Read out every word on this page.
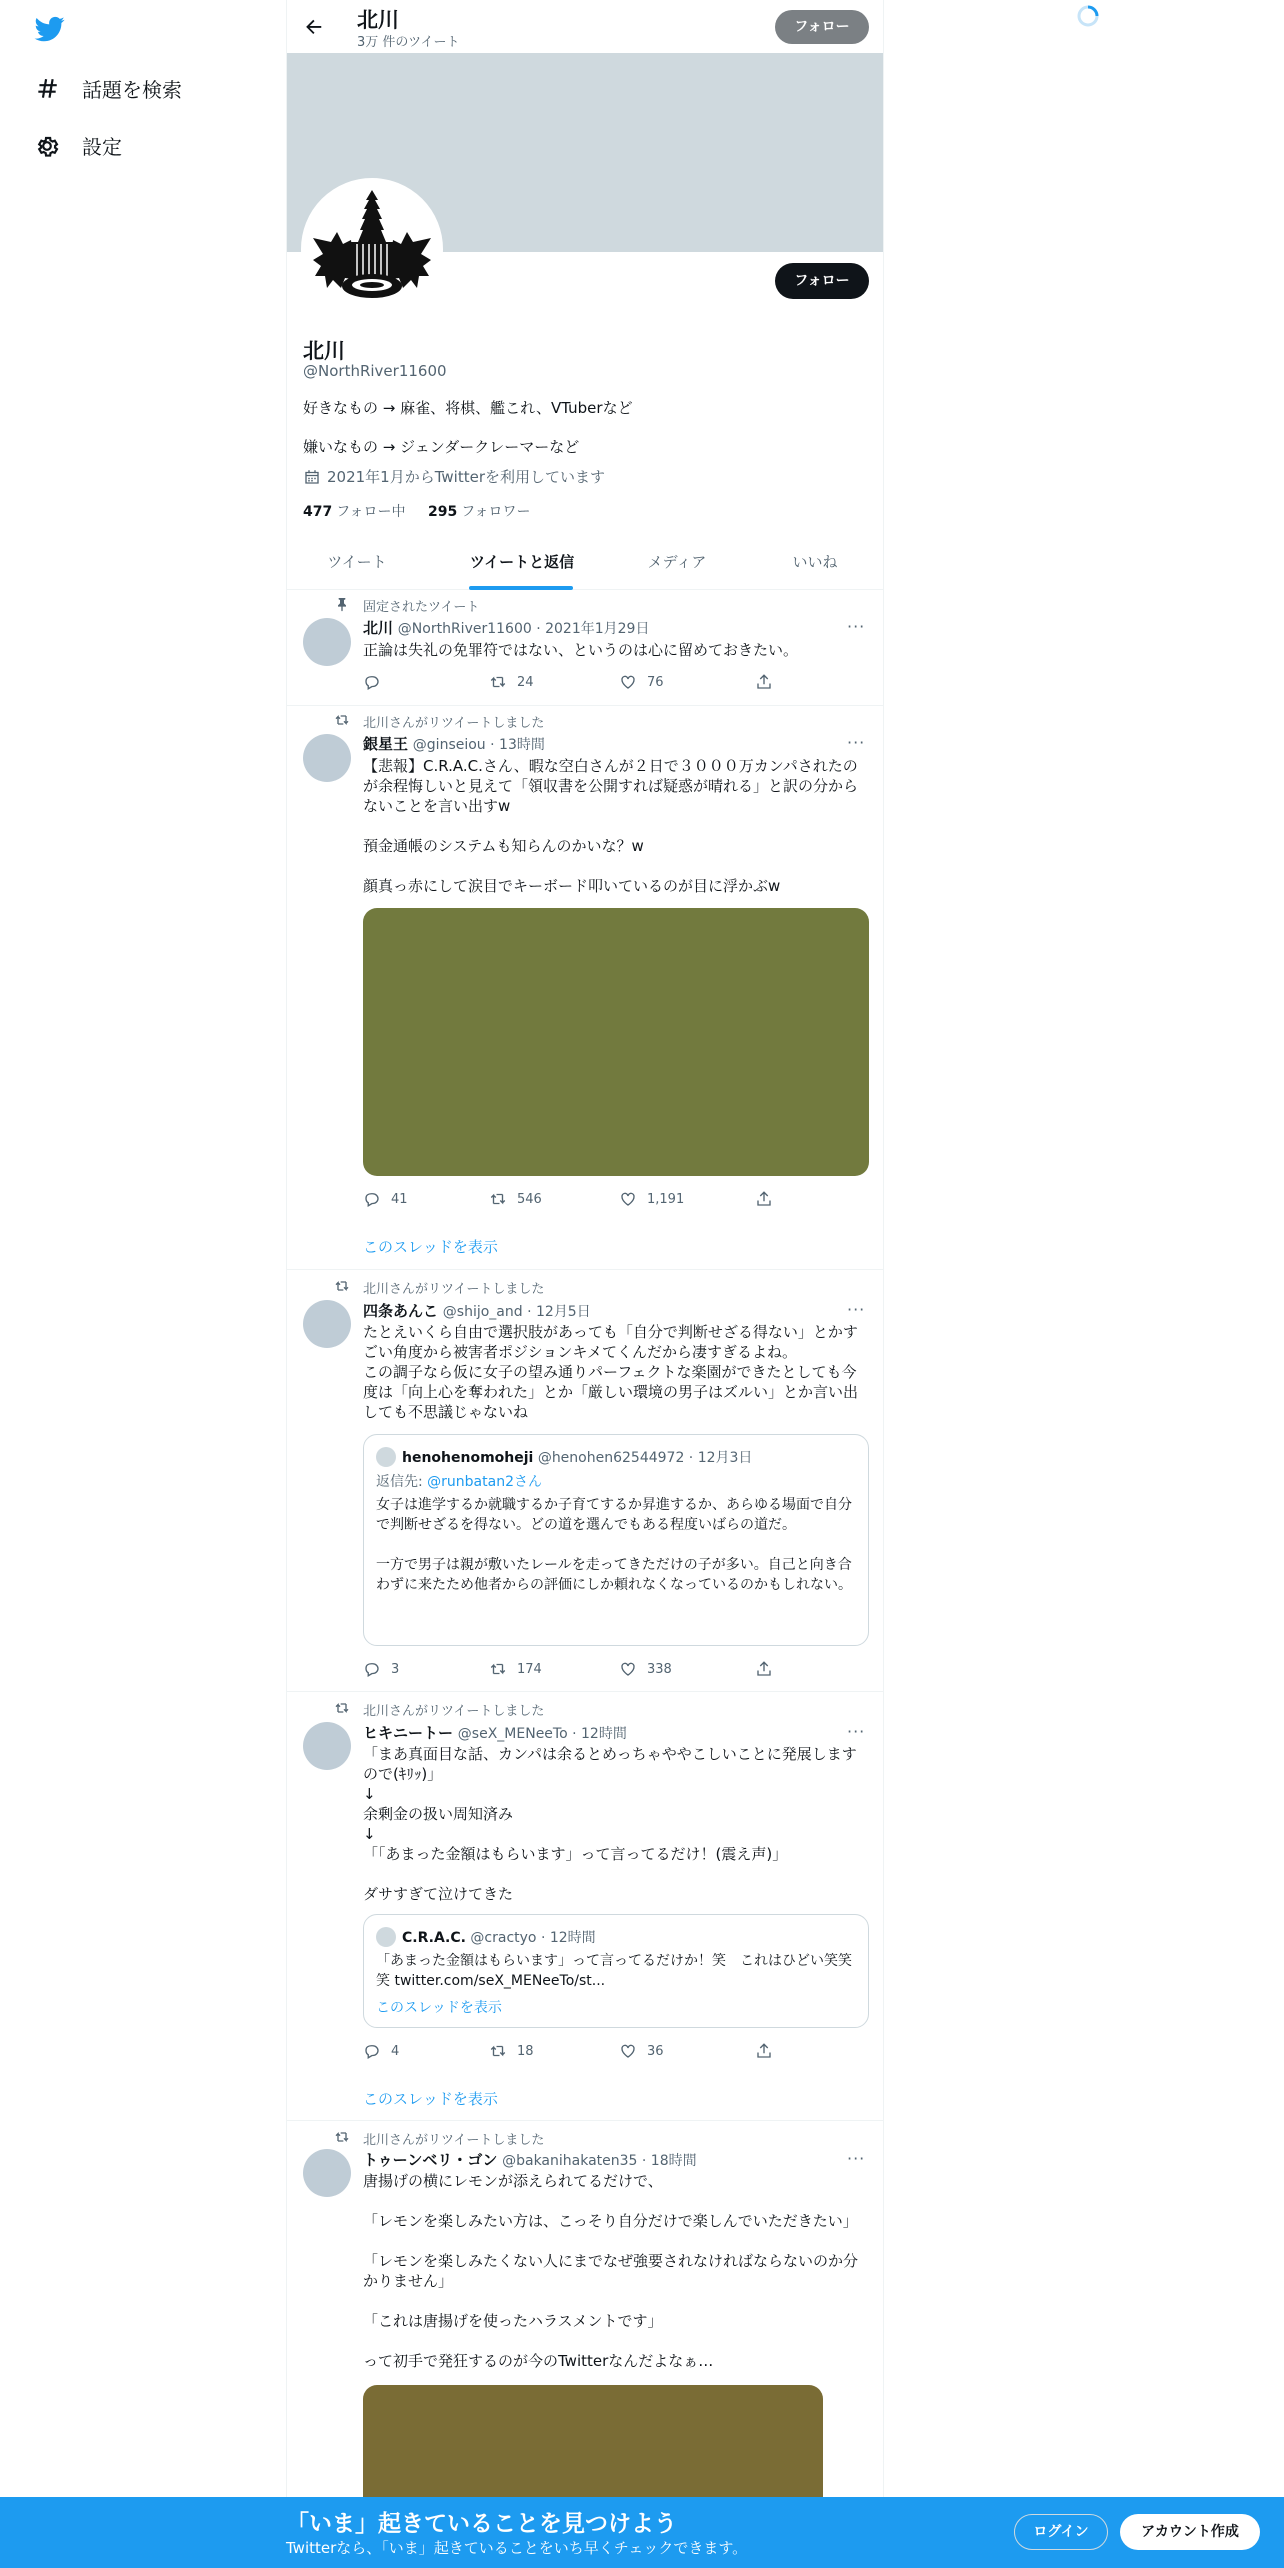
話題を検索
設定
北川
3万 件のツイート
フォロー
フォロー
北川
@NorthRiver11600
好きなもの → 麻雀、将棋、艦これ、VTuberなど
嫌いなもの → ジェンダークレーマーなど
2021年1月からTwitterを利用しています
477 フォロー中 295 フォロワー
ツイート	ツイートと返信	メディア	いいね
固定されたツイート
北川 @NorthRiver11600 · 2021年1月29日	···
正論は失礼の免罪符ではない、というのは心に留めておきたい。
24	76
北川さんがリツイートしました
銀星王 @ginseiou · 13時間	···
【悲報】C.R.A.C.さん、暇な空白さんが２日で３０００万カンパされたのが余程悔しいと見えて「領収書を公開すれば疑惑が晴れる」と訳の分からないことを言い出すw

預金通帳のシステムも知らんのかいな？w

顔真っ赤にして涙目でキーボード叩いているのが目に浮かぶw
41	546	1,191
このスレッドを表示
北川さんがリツイートしました
四条あんこ @shijo_and · 12月5日	···
たとえいくら自由で選択肢があっても「自分で判断せざる得ない」とかすごい角度から被害者ポジションキメてくんだから凄すぎるよね。
この調子なら仮に女子の望み通りパーフェクトな楽園ができたとしても今度は「向上心を奪われた」とか「厳しい環境の男子はズルい」とか言い出しても不思議じゃないね
henohenomoheji @henohen62544972 · 12月3日
返信先: @runbatan2さん
女子は進学するか就職するか子育てするか昇進するか、あらゆる場面で自分で判断せざるを得ない。どの道を選んでもある程度いばらの道だ。

一方で男子は親が敷いたレールを走ってきただけの子が多い。自己と向き合わずに来たため他者からの評価にしか頼れなくなっているのかもしれない。
3	174	338
北川さんがリツイートしました
ヒキニートー @seX_MENeeTo · 12時間	···
「まあ真面目な話、カンパは余るとめっちゃややこしいことに発展しますので(ｷﾘｯ)」
↓
余剰金の扱い周知済み
↓
「「あまった金額はもらいます」って言ってるだけ！(震え声)」

ダサすぎて泣けてきた
C.R.A.C. @cractyo · 12時間
「あまった金額はもらいます」って言ってるだけか！笑　これはひどい笑笑笑 twitter.com/seX_MENeeTo/st...
このスレッドを表示
4	18	36
このスレッドを表示
北川さんがリツイートしました
トゥーンベリ・ゴン @bakanihakaten35 · 18時間	···
唐揚げの横にレモンが添えられてるだけで、

「レモンを楽しみたい方は、こっそり自分だけで楽しんでいただきたい」

「レモンを楽しみたくない人にまでなぜ強要されなければならないのか分かりません」

「これは唐揚げを使ったハラスメントです」

って初手で発狂するのが今のTwitterなんだよなぁ…
「いま」起きていることを見つけよう
Twitterなら、「いま」起きていることをいち早くチェックできます。
ログイン	アカウント作成
